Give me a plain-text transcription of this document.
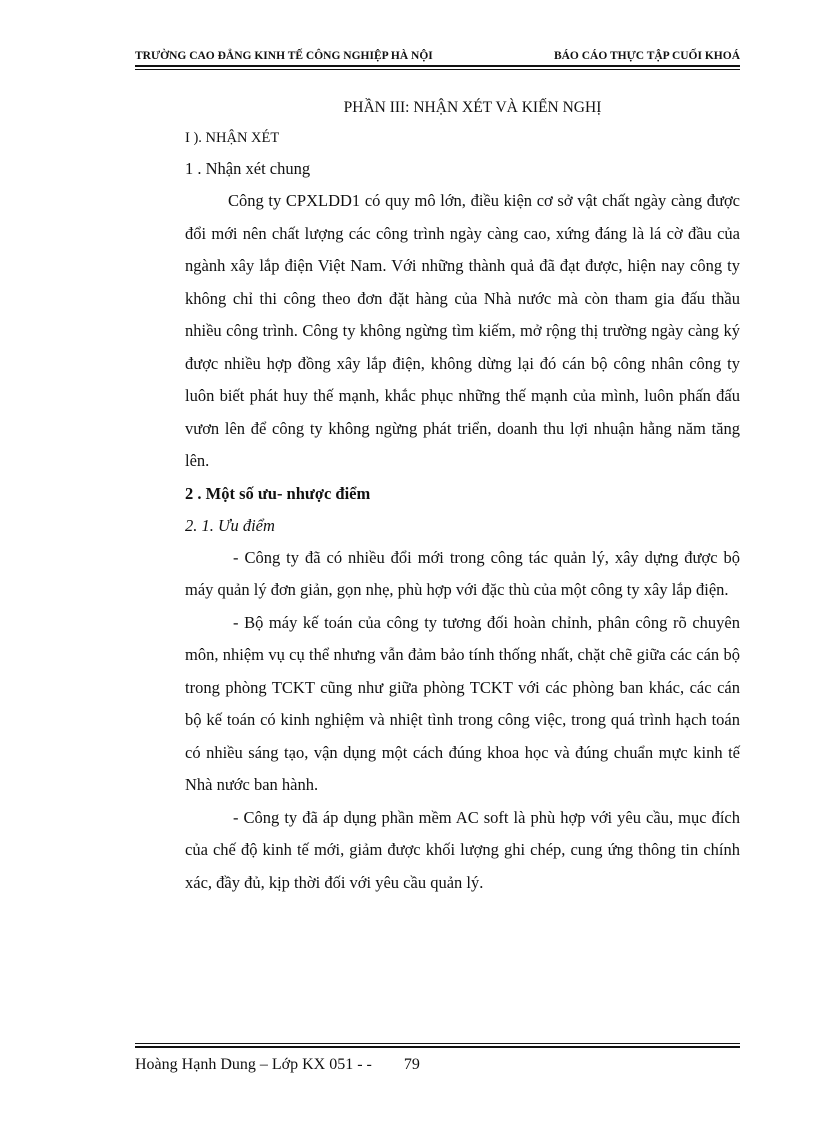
TRƯỜNG CAO ĐẲNG KINH TẾ CÔNG NGHIỆP HÀ NỘI	BÁO CÁO THỰC TẬP CUỐI KHOÁ

PHẦN III: NHẬN XÉT VÀ KIẾN NGHỊ

I ). NHẬN XÉT

1 . Nhận xét chung

Công ty CPXLDD1 có quy mô lớn, điều kiện cơ sở vật chất ngày càng được đổi mới nên chất lượng các công trình ngày càng cao, xứng đáng là lá cờ đầu của ngành xây lắp điện Việt Nam. Với những thành quả đã đạt được, hiện nay công ty không chỉ thi công theo đơn đặt hàng của Nhà nước mà còn tham gia đấu thầu nhiều công trình. Công ty không ngừng tìm kiếm, mở rộng thị trường ngày càng ký được nhiều hợp đồng xây lắp điện, không dừng lại đó cán bộ công nhân công ty luôn biết phát huy thế mạnh, khắc phục những thế mạnh của mình, luôn phấn đấu vươn lên để công ty không ngừng phát triển, doanh thu lợi nhuận hằng năm tăng lên.

2 . Một số ưu- nhược điểm

2. 1. Ưu điểm

- Công ty đã có nhiều đổi mới trong công tác quản lý, xây dựng được bộ máy quản lý đơn giản, gọn nhẹ, phù hợp với đặc thù của một công ty xây lắp điện.

- Bộ máy kế toán của công ty tương đối hoàn chỉnh, phân công rõ chuyên môn, nhiệm vụ cụ thể nhưng vẫn đảm bảo tính thống nhất, chặt chẽ giữa các cán bộ trong phòng TCKT cũng như giữa phòng TCKT với các phòng ban khác, các cán bộ kế toán có kinh nghiệm và nhiệt tình trong công việc, trong quá trình hạch toán có nhiều sáng tạo, vận dụng một cách đúng khoa học và đúng chuẩn mực kinh tế Nhà nước ban hành.

- Công ty đã áp dụng phần mềm AC soft là phù hợp với yêu cầu, mục đích của chế độ kinh tế mới, giảm được khối lượng ghi chép, cung ứng thông tin chính xác, đầy đủ, kịp thời đối với yêu cầu quản lý.

Hoàng Hạnh Dung – Lớp KX 051 - - 79
